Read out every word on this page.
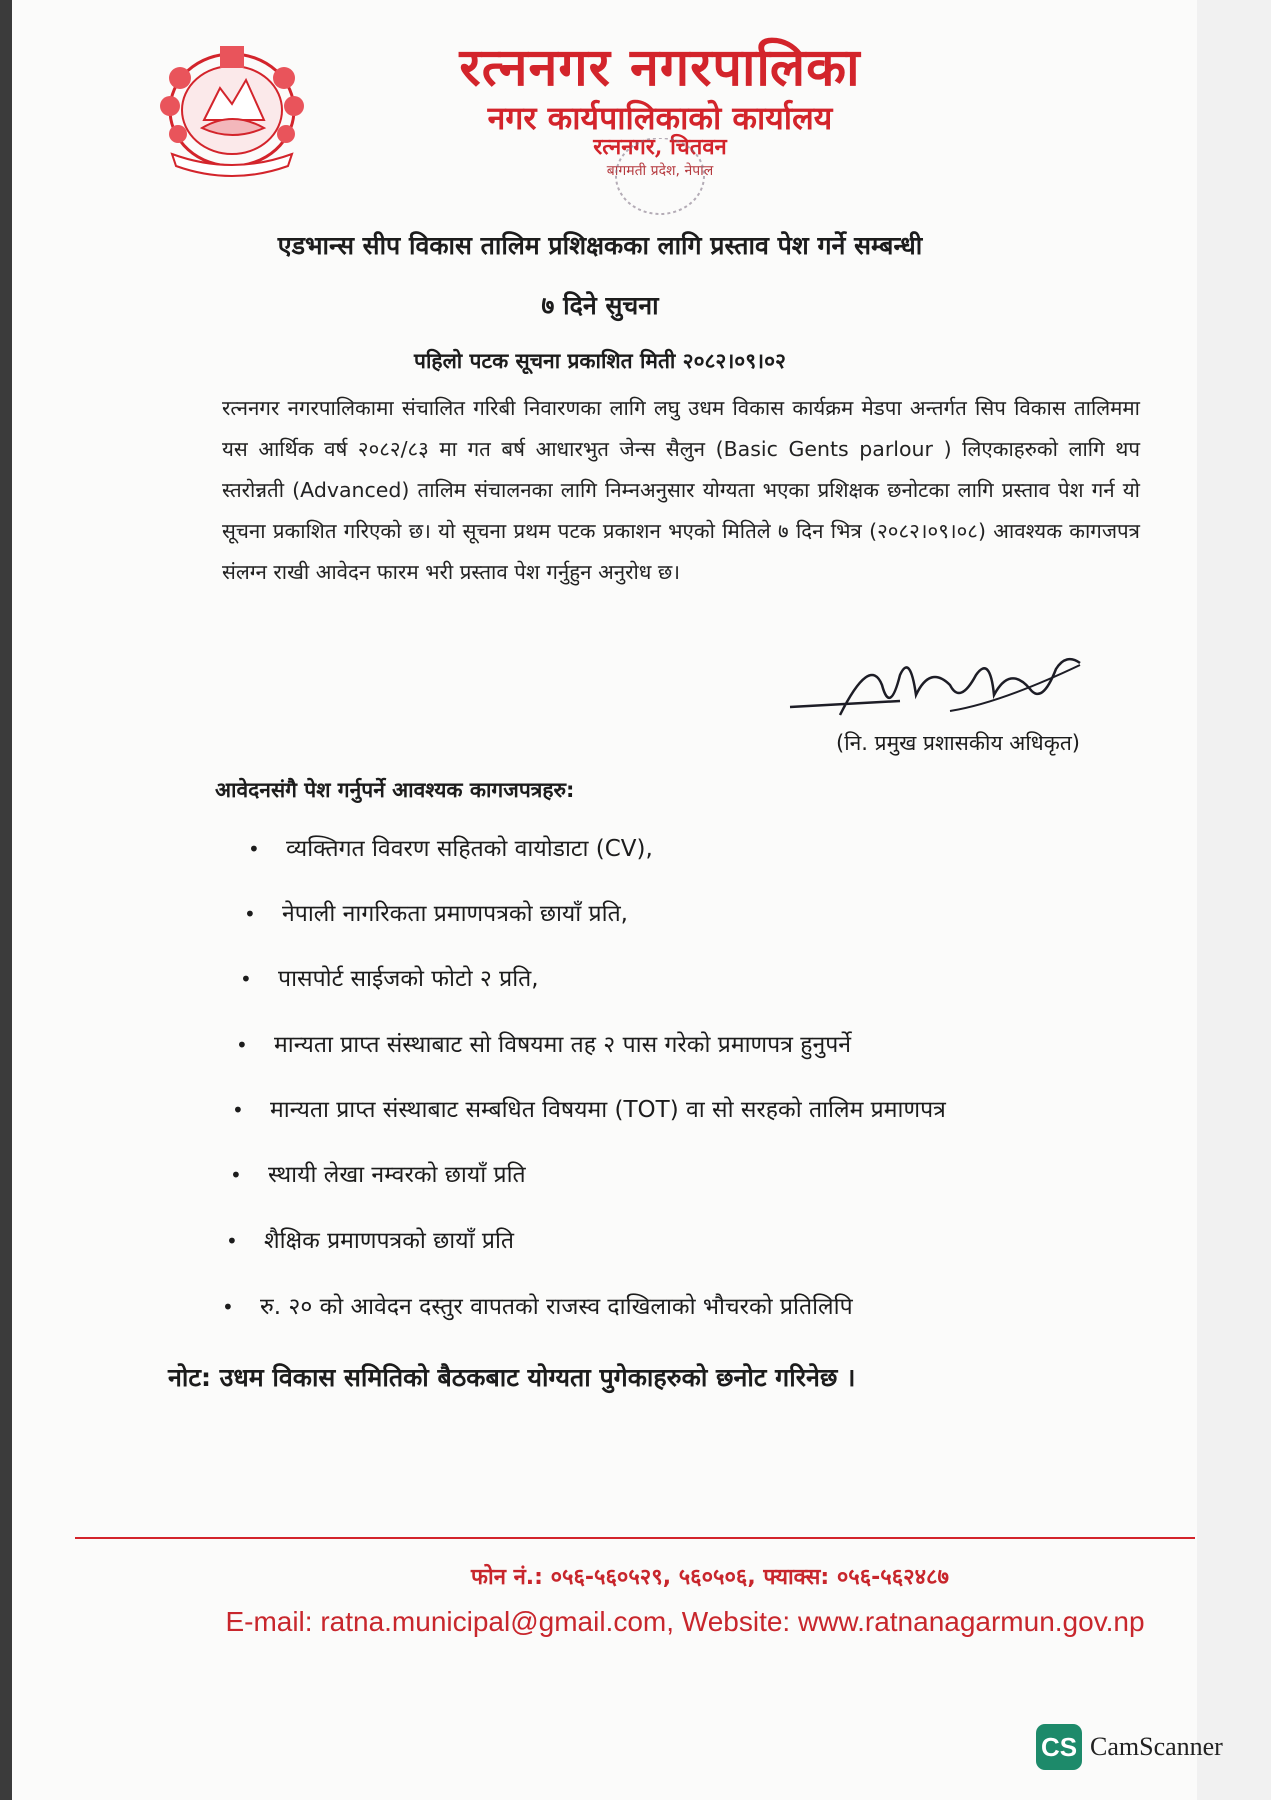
रत्ननगर नगरपालिका
नगर कार्यपालिकाको कार्यालय
रत्ननगर, चितवन
बागमती प्रदेश, नेपाल
एडभान्स सीप विकास तालिम प्रशिक्षकका लागि प्रस्ताव पेश गर्ने सम्बन्धी
७ दिने सुचना
पहिलो पटक सूचना प्रकाशित मिती २०८२।०९।०२
रत्ननगर नगरपालिकामा संचालित गरिबी निवारणका लागि लघु उधम विकास कार्यक्रम मेडपा अन्तर्गत सिप विकास तालिममा यस आर्थिक वर्ष २०८२/८३ मा गत बर्ष आधारभुत जेन्स सैलुन (Basic Gents parlour ) लिएकाहरुको लागि थप स्तरोन्नती (Advanced) तालिम संचालनका लागि निम्नअनुसार योग्यता भएका प्रशिक्षक छनोटका लागि प्रस्ताव पेश गर्न यो सूचना प्रकाशित गरिएको छ। यो सूचना प्रथम पटक प्रकाशन भएको मितिले ७ दिन भित्र (२०८२।०९।०८) आवश्यक कागजपत्र संलग्न राखी आवेदन फारम भरी प्रस्ताव पेश गर्नुहुन अनुरोध छ।
(नि. प्रमुख प्रशासकीय अधिकृत)
आवेदनसंगै पेश गर्नुपर्ने आवश्यक कागजपत्रहरु:
• व्यक्तिगत विवरण सहितको वायोडाटा (CV),
• नेपाली नागरिकता प्रमाणपत्रको छायाँ प्रति,
• पासपोर्ट साईजको फोटो २ प्रति,
• मान्यता प्राप्त संस्थाबाट सो विषयमा तह २ पास गरेको प्रमाणपत्र हुनुपर्ने
• मान्यता प्राप्त संस्थाबाट सम्बधित विषयमा (TOT) वा सो सरहको तालिम प्रमाणपत्र
• स्थायी लेखा नम्वरको छायाँ प्रति
• शैक्षिक प्रमाणपत्रको छायाँ प्रति
• रु. २० को आवेदन दस्तुर वापतको राजस्व दाखिलाको भौचरको प्रतिलिपि
नोट: उधम विकास समितिको बैठकबाट योग्यता पुगेकाहरुको छनोट गरिनेछ ।
फोन नं.: ०५६-५६०५२९, ५६०५०६, फ्याक्स: ०५६-५६२४८७
E-mail: ratna.municipal@gmail.com, Website: www.ratnanagarmun.gov.np
CS CamScanner
